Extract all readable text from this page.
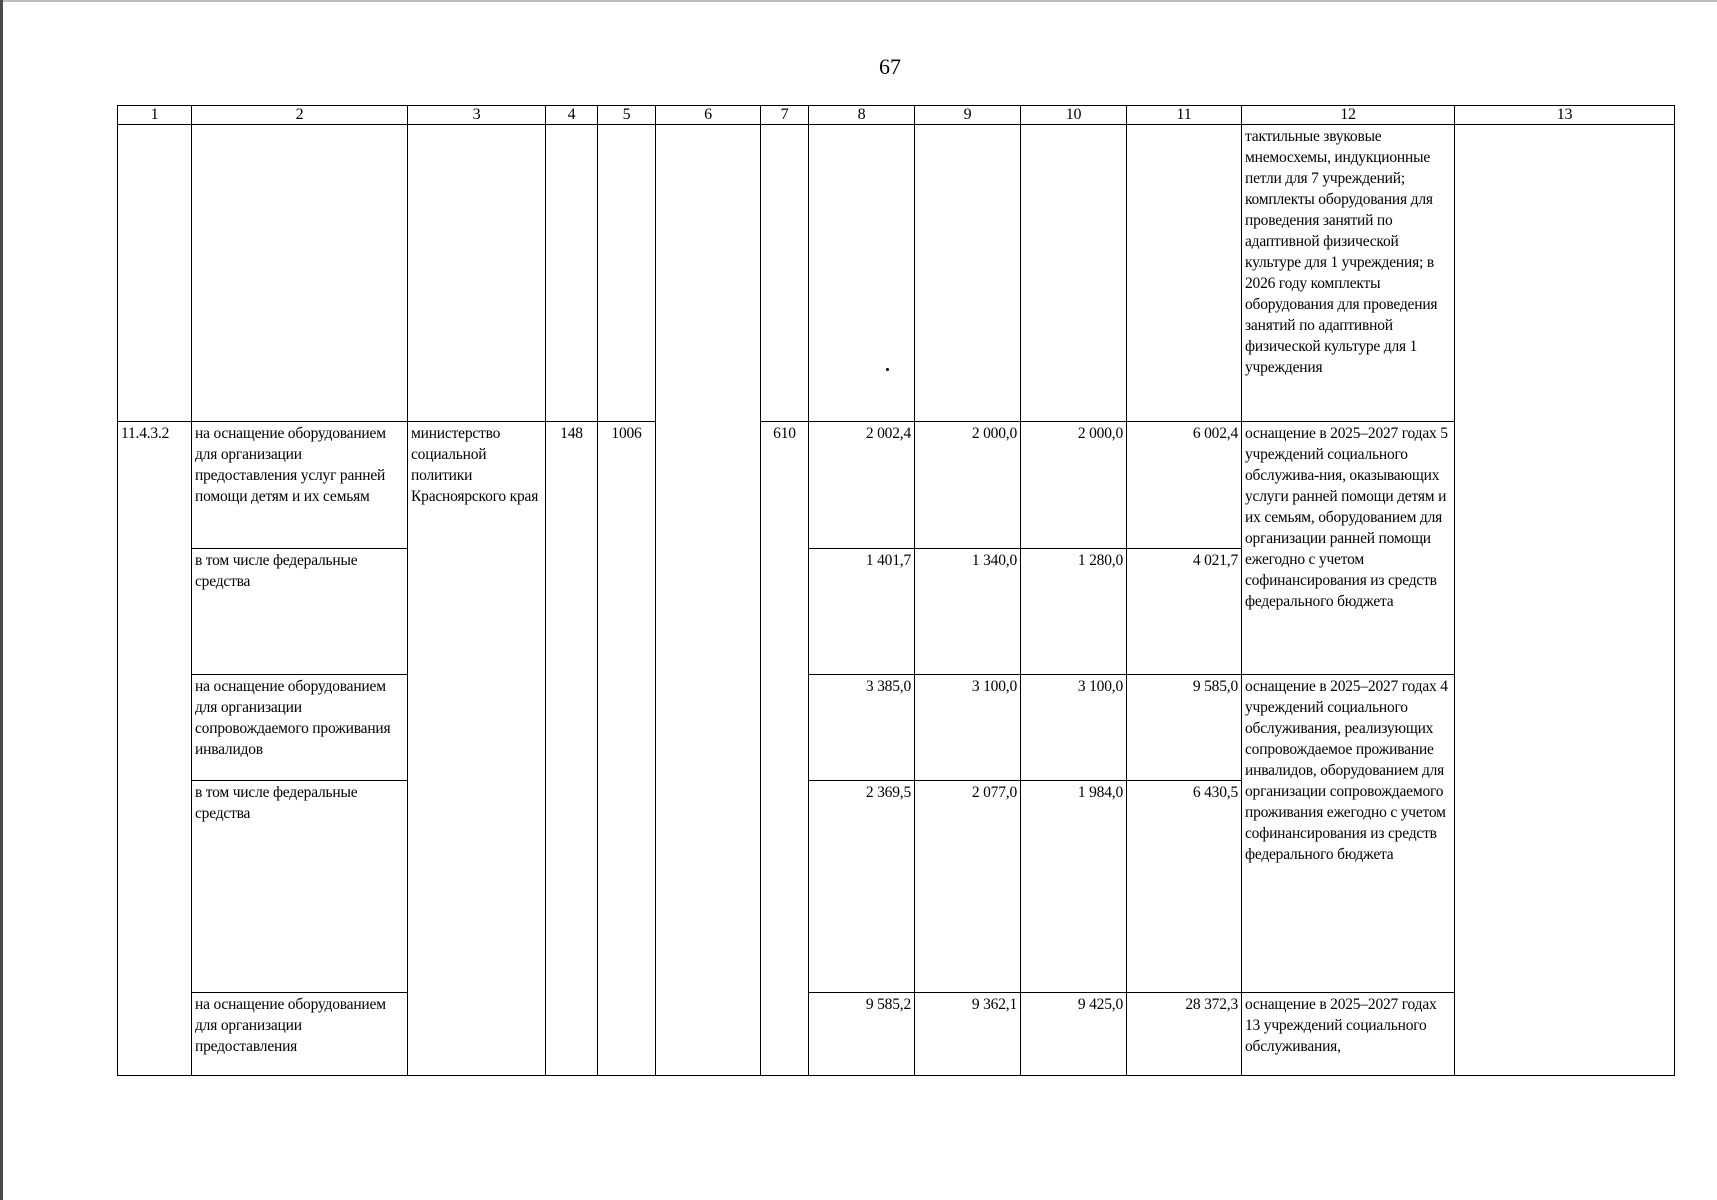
67
1	2	3	4	5	6	7	8	9	10	11	12	13
											тактильные звуковые мнемосхемы, индукционные петли для 7 учреждений; комплекты оборудования для проведения занятий по адаптивной физической культуре для 1 учреждения; в 2026 году комплекты оборудования для проведения занятий по адаптивной физической культуре для 1 учреждения	
11.4.3.2	на оснащение оборудованием для организации предоставления услуг ранней помощи детям и их семьям	министерство социальной политики Красноярского края	148	1006		610	2 002,4	2 000,0	2 000,0	6 002,4	оснащение в 2025–2027 годах 5 учреждений социального обслужива-ния, оказывающих услуги ранней помощи детям и их семьям, оборудованием для организации ранней помощи ежегодно с учетом софинансирования из средств федерального бюджета	
	в том числе федеральные средства						1 401,7	1 340,0	1 280,0	4 021,7		
	на оснащение оборудованием для организации сопровождаемого проживания инвалидов						3 385,0	3 100,0	3 100,0	9 585,0	оснащение в 2025–2027 годах 4 учреждений социального обслуживания, реализующих сопровождаемое проживание инвалидов, оборудованием для организации сопровождаемого проживания ежегодно с учетом софинансирования из средств федерального бюджета	
	в том числе федеральные средства						2 369,5	2 077,0	1 984,0	6 430,5		
	на оснащение оборудованием для организации предоставления						9 585,2	9 362,1	9 425,0	28 372,3	оснащение в 2025–2027 годах 13 учреждений социального обслуживания,	
